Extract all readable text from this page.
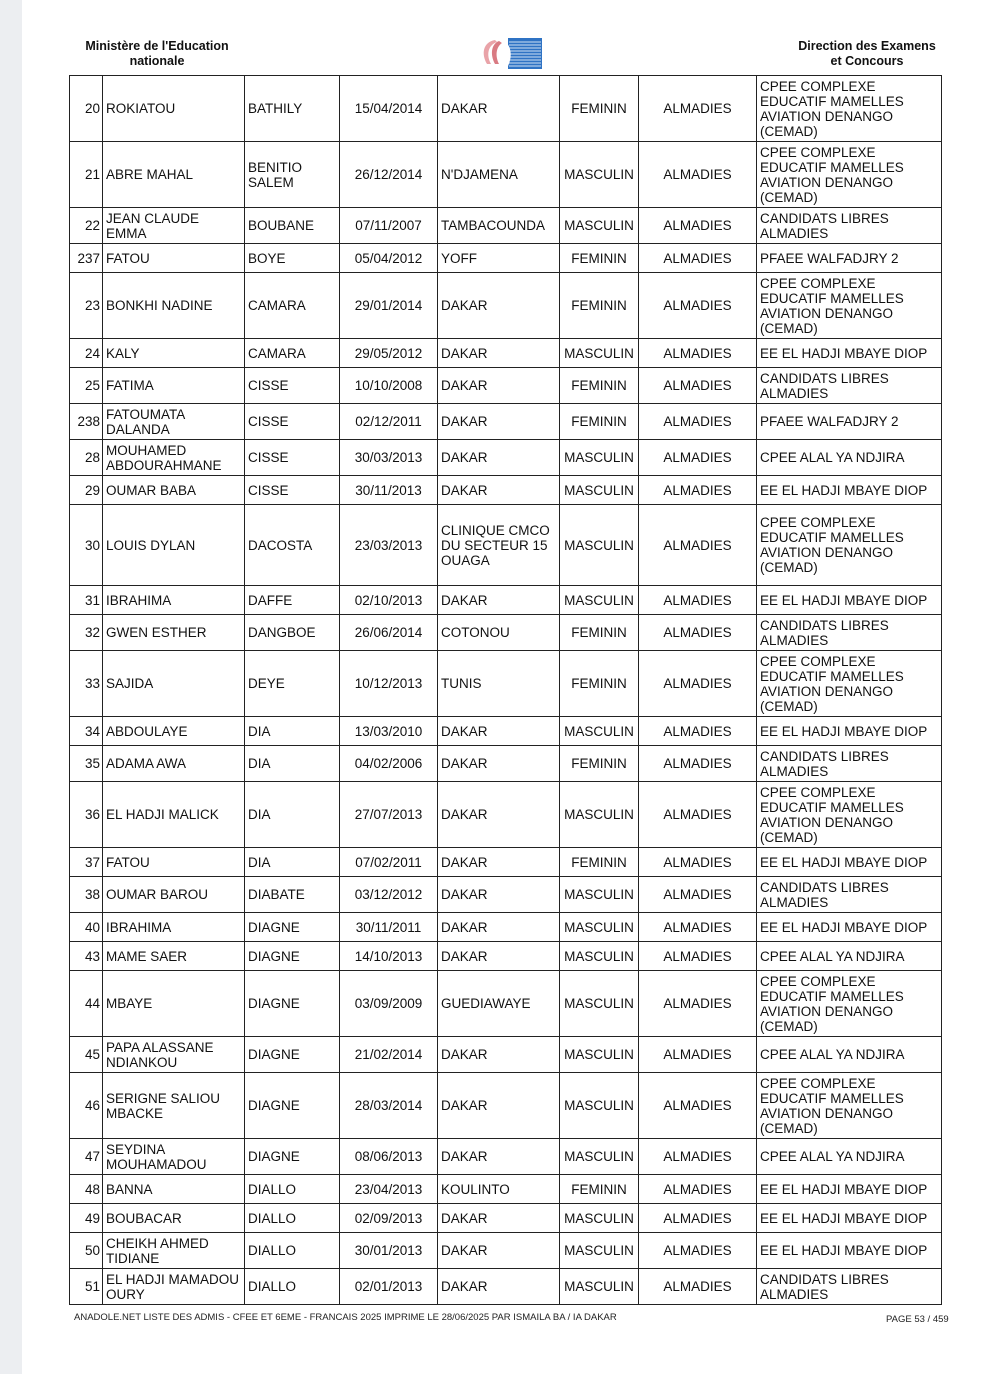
Ministère de l'Education
nationale
Direction des Examens
et Concours
20	ROKIATOU	BATHILY	15/04/2014	DAKAR	FEMININ	ALMADIES	CPEE COMPLEXE EDUCATIF MAMELLES AVIATION DENANGO (CEMAD)
21	ABRE MAHAL	BENITIO SALEM	26/12/2014	N'DJAMENA	MASCULIN	ALMADIES	CPEE COMPLEXE EDUCATIF MAMELLES AVIATION DENANGO (CEMAD)
22	JEAN CLAUDE EMMA	BOUBANE	07/11/2007	TAMBACOUNDA	MASCULIN	ALMADIES	CANDIDATS LIBRES ALMADIES
237	FATOU	BOYE	05/04/2012	YOFF	FEMININ	ALMADIES	PFAEE WALFADJRY 2
23	BONKHI NADINE	CAMARA	29/01/2014	DAKAR	FEMININ	ALMADIES	CPEE COMPLEXE EDUCATIF MAMELLES AVIATION DENANGO (CEMAD)
24	KALY	CAMARA	29/05/2012	DAKAR	MASCULIN	ALMADIES	EE EL HADJI MBAYE DIOP
25	FATIMA	CISSE	10/10/2008	DAKAR	FEMININ	ALMADIES	CANDIDATS LIBRES ALMADIES
238	FATOUMATA DALANDA	CISSE	02/12/2011	DAKAR	FEMININ	ALMADIES	PFAEE WALFADJRY 2
28	MOUHAMED ABDOURAHMANE	CISSE	30/03/2013	DAKAR	MASCULIN	ALMADIES	CPEE ALAL YA NDJIRA
29	OUMAR BABA	CISSE	30/11/2013	DAKAR	MASCULIN	ALMADIES	EE EL HADJI MBAYE DIOP
30	LOUIS DYLAN	DACOSTA	23/03/2013	CLINIQUE CMCO DU SECTEUR 15 OUAGA	MASCULIN	ALMADIES	CPEE COMPLEXE EDUCATIF MAMELLES AVIATION DENANGO (CEMAD)
31	IBRAHIMA	DAFFE	02/10/2013	DAKAR	MASCULIN	ALMADIES	EE EL HADJI MBAYE DIOP
32	GWEN ESTHER	DANGBOE	26/06/2014	COTONOU	FEMININ	ALMADIES	CANDIDATS LIBRES ALMADIES
33	SAJIDA	DEYE	10/12/2013	TUNIS	FEMININ	ALMADIES	CPEE COMPLEXE EDUCATIF MAMELLES AVIATION DENANGO (CEMAD)
34	ABDOULAYE	DIA	13/03/2010	DAKAR	MASCULIN	ALMADIES	EE EL HADJI MBAYE DIOP
35	ADAMA AWA	DIA	04/02/2006	DAKAR	FEMININ	ALMADIES	CANDIDATS LIBRES ALMADIES
36	EL HADJI MALICK	DIA	27/07/2013	DAKAR	MASCULIN	ALMADIES	CPEE COMPLEXE EDUCATIF MAMELLES AVIATION DENANGO (CEMAD)
37	FATOU	DIA	07/02/2011	DAKAR	FEMININ	ALMADIES	EE EL HADJI MBAYE DIOP
38	OUMAR BAROU	DIABATE	03/12/2012	DAKAR	MASCULIN	ALMADIES	CANDIDATS LIBRES ALMADIES
40	IBRAHIMA	DIAGNE	30/11/2011	DAKAR	MASCULIN	ALMADIES	EE EL HADJI MBAYE DIOP
43	MAME SAER	DIAGNE	14/10/2013	DAKAR	MASCULIN	ALMADIES	CPEE ALAL YA NDJIRA
44	MBAYE	DIAGNE	03/09/2009	GUEDIAWAYE	MASCULIN	ALMADIES	CPEE COMPLEXE EDUCATIF MAMELLES AVIATION DENANGO (CEMAD)
45	PAPA ALASSANE NDIANKOU	DIAGNE	21/02/2014	DAKAR	MASCULIN	ALMADIES	CPEE ALAL YA NDJIRA
46	SERIGNE SALIOU MBACKE	DIAGNE	28/03/2014	DAKAR	MASCULIN	ALMADIES	CPEE COMPLEXE EDUCATIF MAMELLES AVIATION DENANGO (CEMAD)
47	SEYDINA MOUHAMADOU	DIAGNE	08/06/2013	DAKAR	MASCULIN	ALMADIES	CPEE ALAL YA NDJIRA
48	BANNA	DIALLO	23/04/2013	KOULINTO	FEMININ	ALMADIES	EE EL HADJI MBAYE DIOP
49	BOUBACAR	DIALLO	02/09/2013	DAKAR	MASCULIN	ALMADIES	EE EL HADJI MBAYE DIOP
50	CHEIKH AHMED TIDIANE	DIALLO	30/01/2013	DAKAR	MASCULIN	ALMADIES	EE EL HADJI MBAYE DIOP
51	EL HADJI MAMADOU OURY	DIALLO	02/01/2013	DAKAR	MASCULIN	ALMADIES	CANDIDATS LIBRES ALMADIES
ANADOLE.NET LISTE DES ADMIS - CFEE ET 6EME - FRANCAIS 2025 IMPRIME LE 28/06/2025 PAR ISMAILA BA / IA DAKAR	PAGE 53 / 459
